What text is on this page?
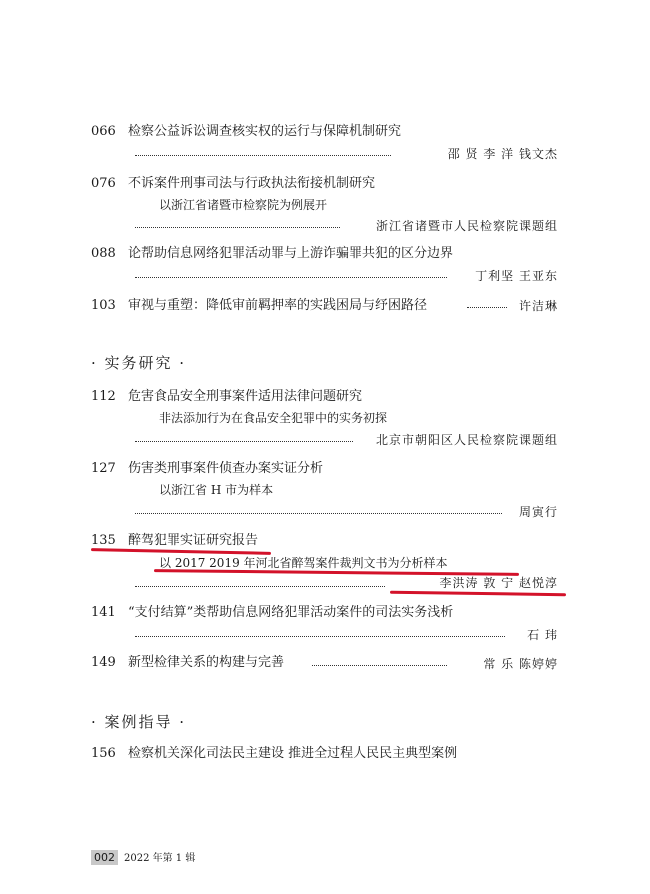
066 检察公益诉讼调查核实权的运行与保障机制研究
邵 贤 李 洋 钱文杰
076 不诉案件刑事司法与行政执法衔接机制研究
以浙江省诸暨市检察院为例展开
浙江省诸暨市人民检察院课题组
088 论帮助信息网络犯罪活动罪与上游诈骗罪共犯的区分边界
丁利坚 王亚东
103 审视与重塑：降低审前羁押率的实践困局与纾困路径	许洁琳
· 实务研究 ·
112 危害食品安全刑事案件适用法律问题研究
非法添加行为在食品安全犯罪中的实务初探
北京市朝阳区人民检察院课题组
127 伤害类刑事案件侦查办案实证分析
以浙江省 H 市为样本
周寅行
135 醉驾犯罪实证研究报告
以 2017 2019 年河北省醉驾案件裁判文书为分析样本
李洪涛 敦 宁 赵悦淳
141 “支付结算”类帮助信息网络犯罪活动案件的司法实务浅析
石 玮
149 新型检律关系的构建与完善	常 乐 陈婷婷
· 案例指导 ·
156 检察机关深化司法民主建设 推进全过程人民民主典型案例
002 2022 年第 1 辑
